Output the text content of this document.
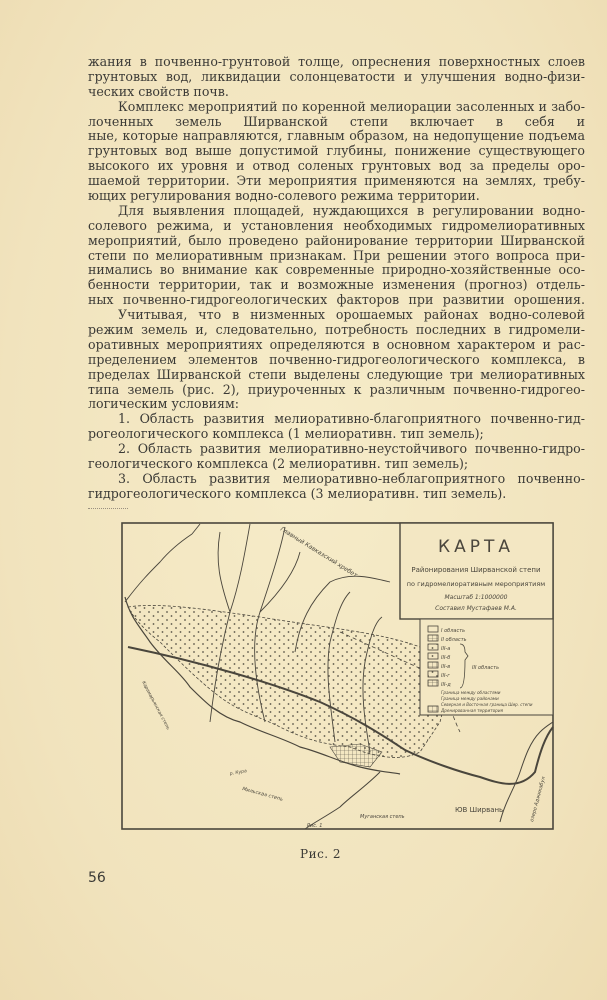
жания в почвенно-грунтовой толще, опреснения поверхностных слоев
грунтовых вод, ликвидации солонцеватости и улучшения водно-физи-
ческих свойств почв.
Комплекс мероприятий по коренной мелиорации засоленных и забо-
лоченных земель Ширванской степи включает в себя и
ные, которые направляются, главным образом, на недопущение подъема
грунтовых вод выше допустимой глубины, понижение существующего
высокого их уровня и отвод соленых грунтовых вод за пределы оро-
шаемой территории. Эти мероприятия применяются на землях, требу-
ющих регулирования водно-солевого режима территории.
Для выявления площадей, нуждающихся в регулировании водно-
солевого режима, и установления необходимых гидромелиоративных
мероприятий, было проведено районирование территории Ширванской
степи по мелиоративным признакам. При решении этого вопроса при-
нимались во внимание как современные природно-хозяйственные осо-
бенности территории, так и возможные изменения (прогноз) отдель-
ных почвенно-гидрогеологических факторов при развитии орошения.
Учитывая, что в низменных орошаемых районах водно-солевой
режим земель и, следовательно, потребность последних в гидромели-
оративных мероприятиях определяются в основном характером и рас-
пределением элементов почвенно-гидрогеологического комплекса, в
пределах Ширванской степи выделены следующие три мелиоративных
типа земель (рис. 2), приуроченных к различным почвенно-гидрогео-
логическим условиям:
1. Область развития мелиоративно-благоприятного почвенно-гид-
рогеологического комплекса (1 мелиоративн. тип земель);
2. Область развития мелиоративно-неустойчивого почвенно-гидро-
геологического комплекса (2 мелиоративн. тип земель);
3. Область развития мелиоративно-неблагоприятного почвенно-
гидрогеологического комплекса (3 мелиоративн. тип земель).
КАРТА
Районирования Ширванской степи
по гидромелиоративным мероприятиям
Масштаб 1:1000000
Составил Мустафаев М.А.
I область
II область
III-а
III-б
III-в
III-г
III-д
III область
Граница между областями
Граница между районами
Северная и Восточная граница Шир. степи
Дренированная территория
Главный Кавказский хребет
Карамарьянская степь
р. Кура
Мильская степь
Муганская степь
ЮВ Ширвань	озеро Аджикабул
Рис. 1
Рис. 2
56
